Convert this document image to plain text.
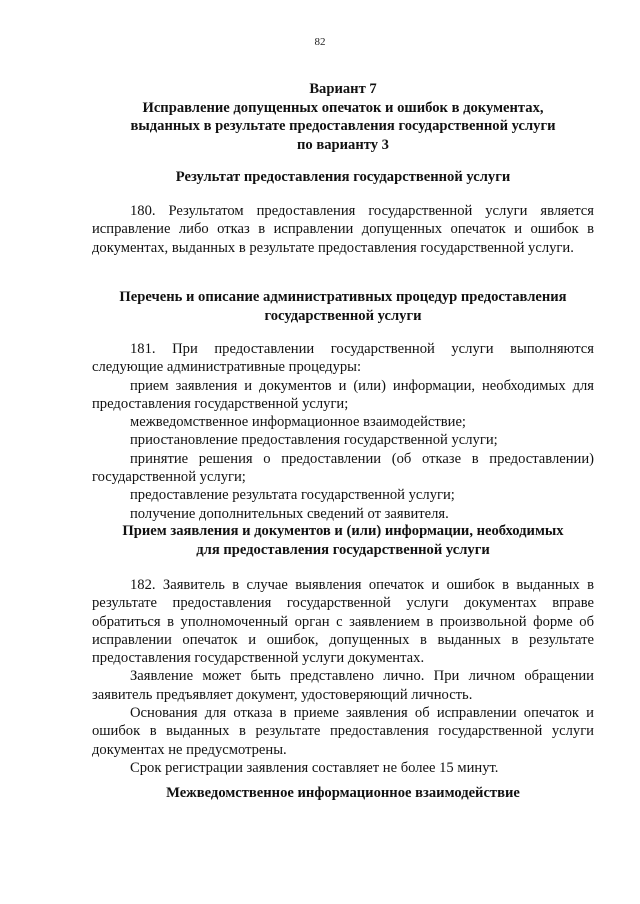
82
Вариант 7
Исправление допущенных опечаток и ошибок в документах,
выданных в результате предоставления государственной услуги
по варианту 3
Результат предоставления государственной услуги

180. Результатом предоставления государственной услуги является исправление либо отказ в исправлении допущенных опечаток и ошибок в документах, выданных в результате предоставления государственной услуги.

Перечень и описание административных процедур предоставления
государственной услуги

181. При предоставлении государственной услуги выполняются следующие административные процедуры:

прием заявления и документов и (или) информации, необходимых для предоставления государственной услуги;

межведомственное информационное взаимодействие;

приостановление предоставления государственной услуги;

принятие решения о предоставлении (об отказе в предоставлении) государственной услуги;

предоставление результата государственной услуги;

получение дополнительных сведений от заявителя.

Прием заявления и документов и (или) информации, необходимых
для предоставления государственной услуги

182. Заявитель в случае выявления опечаток и ошибок в выданных в результате предоставления государственной услуги документах вправе обратиться в уполномоченный орган с заявлением в произвольной форме об исправлении опечаток и ошибок, допущенных в выданных в результате предоставления государственной услуги документах.

Заявление может быть представлено лично. При личном обращении заявитель предъявляет документ, удостоверяющий личность.

Основания для отказа в приеме заявления об исправлении опечаток и ошибок в выданных в результате предоставления государственной услуги документах не предусмотрены.

Срок регистрации заявления составляет не более 15 минут.

Межведомственное информационное взаимодействие
